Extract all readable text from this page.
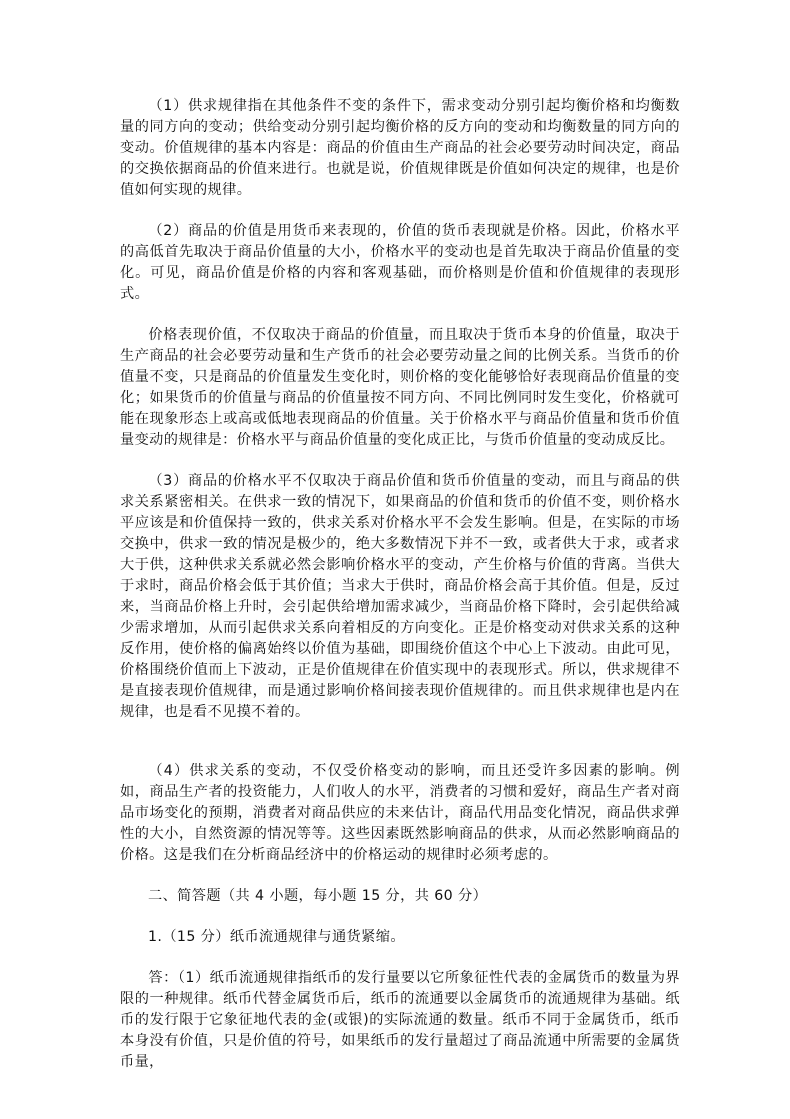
（1）供求规律指在其他条件不变的条件下，需求变动分别引起均衡价格和均衡数量的同方向的变动；供给变动分别引起均衡价格的反方向的变动和均衡数量的同方向的变动。价值规律的基本内容是：商品的价值由生产商品的社会必要劳动时间决定，商品的交换依据商品的价值来进行。也就是说，价值规律既是价值如何决定的规律，也是价值如何实现的规律。

（2）商品的价值是用货币来表现的，价值的货币表现就是价格。因此，价格水平的高低首先取决于商品价值量的大小，价格水平的变动也是首先取决于商品价值量的变化。可见，商品价值是价格的内容和客观基础，而价格则是价值和价值规律的表现形式。

价格表现价值，不仅取决于商品的价值量，而且取决于货币本身的价值量，取决于生产商品的社会必要劳动量和生产货币的社会必要劳动量之间的比例关系。当货币的价值量不变，只是商品的价值量发生变化时，则价格的变化能够恰好表现商品价值量的变化；如果货币的价值量与商品的价值量按不同方向、不同比例同时发生变化，价格就可能在现象形态上或高或低地表现商品的价值量。关于价格水平与商品价值量和货币价值量变动的规律是：价格水平与商品价值量的变化成正比，与货币价值量的变动成反比。

（3）商品的价格水平不仅取决于商品价值和货币价值量的变动，而且与商品的供求关系紧密相关。在供求一致的情况下，如果商品的价值和货币的价值不变，则价格水平应该是和价值保持一致的，供求关系对价格水平不会发生影响。但是，在实际的市场交换中，供求一致的情况是极少的，绝大多数情况下并不一致，或者供大于求，或者求大于供，这种供求关系就必然会影响价格水平的变动，产生价格与价值的背离。当供大于求时，商品价格会低于其价值；当求大于供时，商品价格会高于其价值。但是，反过来，当商品价格上升时，会引起供给增加需求减少，当商品价格下降时，会引起供给减少需求增加，从而引起供求关系向着相反的方向变化。正是价格变动对供求关系的这种反作用，使价格的偏离始终以价值为基础，即围绕价值这个中心上下波动。由此可见，价格围绕价值而上下波动，正是价值规律在价值实现中的表现形式。所以，供求规律不是直接表现价值规律，而是通过影响价格间接表现价值规律的。而且供求规律也是内在规律，也是看不见摸不着的。

（4）供求关系的变动，不仅受价格变动的影响，而且还受许多因素的影响。例如，商品生产者的投资能力，人们收人的水平，消费者的习惯和爱好，商品生产者对商品市场变化的预期，消费者对商品供应的未来估计，商品代用品变化情况，商品供求弹性的大小，自然资源的情况等等。这些因素既然影响商品的供求，从而必然影响商品的价格。这是我们在分析商品经济中的价格运动的规律时必须考虑的。

二、简答题（共 4 小题，每小题 15 分，共 60 分）

1.（15 分）纸币流通规律与通货紧缩。

答：（1）纸币流通规律指纸币的发行量要以它所象征性代表的金属货币的数量为界限的一种规律。纸币代替金属货币后，纸币的流通要以金属货币的流通规律为基础。纸币的发行限于它象征地代表的金(或银)的实际流通的数量。纸币不同于金属货币，纸币本身没有价值，只是价值的符号，如果纸币的发行量超过了商品流通中所需要的金属货币量，
